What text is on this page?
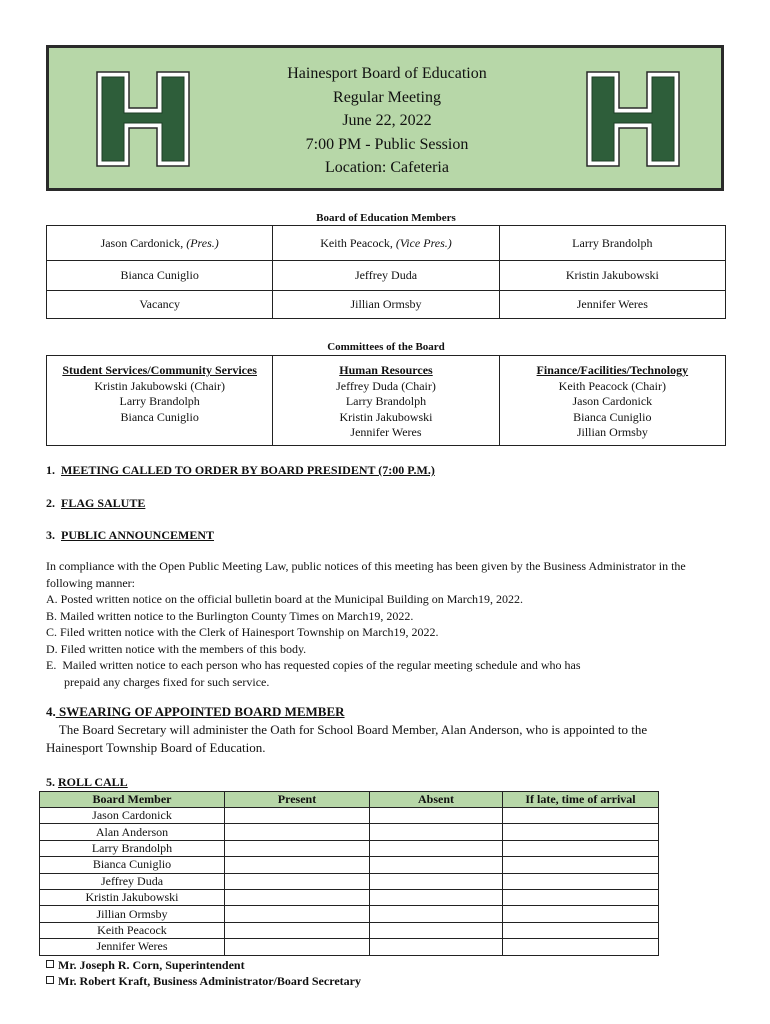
Hainesport Board of Education
Regular Meeting
June 22, 2022
7:00 PM - Public Session
Location: Cafeteria
Board of Education Members
Jason Cardonick, (Pres.)	Keith Peacock, (Vice Pres.)	Larry Brandolph
Bianca Cuniglio	Jeffrey Duda	Kristin Jakubowski
Vacancy	Jillian Ormsby	Jennifer Weres
Committees of the Board
Student Services/Community Services
Kristin Jakubowski (Chair)
Larry Brandolph
Bianca Cuniglio

Human Resources
Jeffrey Duda (Chair)
Larry Brandolph
Kristin Jakubowski
Jennifer Weres

Finance/Facilities/Technology
Keith Peacock (Chair)
Jason Cardonick
Bianca Cuniglio
Jillian Ormsby
1. MEETING CALLED TO ORDER BY BOARD PRESIDENT (7:00 P.M.)
2. FLAG SALUTE
3. PUBLIC ANNOUNCEMENT
In compliance with the Open Public Meeting Law, public notices of this meeting has been given by the Business Administrator in the
following manner:
A. Posted written notice on the official bulletin board at the Municipal Building on March19, 2022.
B. Mailed written notice to the Burlington County Times on March19, 2022.
C. Filed written notice with the Clerk of Hainesport Township on March19, 2022.
D. Filed written notice with the members of this body.
E.  Mailed written notice to each person who has requested copies of the regular meeting schedule and who has
prepaid any charges fixed for such service.
4. SWEARING OF APPOINTED BOARD MEMBER
The Board Secretary will administer the Oath for School Board Member, Alan Anderson, who is appointed to the
Hainesport Township Board of Education.
5. ROLL CALL
Board Member	Present	Absent	If late, time of arrival
Jason Cardonick			
Alan Anderson			
Larry Brandolph			
Bianca Cuniglio			
Jeffrey Duda			
Kristin Jakubowski			
Jillian Ormsby			
Keith Peacock			
Jennifer Weres			
Mr. Joseph R. Corn, Superintendent
Mr. Robert Kraft, Business Administrator/Board Secretary
